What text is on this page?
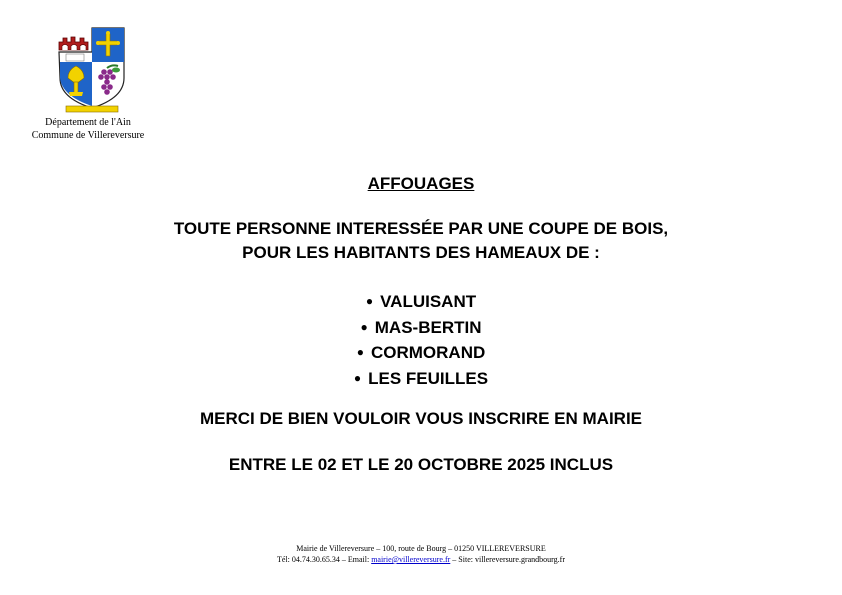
Département de l'Ain
Commune de Villereversure
AFFOUAGES
TOUTE PERSONNE INTERESSÉE PAR UNE COUPE DE BOIS,
POUR LES HABITANTS DES HAMEAUX DE :
● VALUISANT
● MAS-BERTIN
● CORMORAND
● LES FEUILLES
MERCI DE BIEN VOULOIR VOUS INSCRIRE EN MAIRIE
ENTRE LE 02 ET LE 20 OCTOBRE 2025 INCLUS
Mairie de Villereversure – 100, route de Bourg – 01250 VILLEREVERSURE
Tél: 04.74.30.65.34 – Email: mairie@villereversure.fr – Site: villereversure.grandbourg.fr
